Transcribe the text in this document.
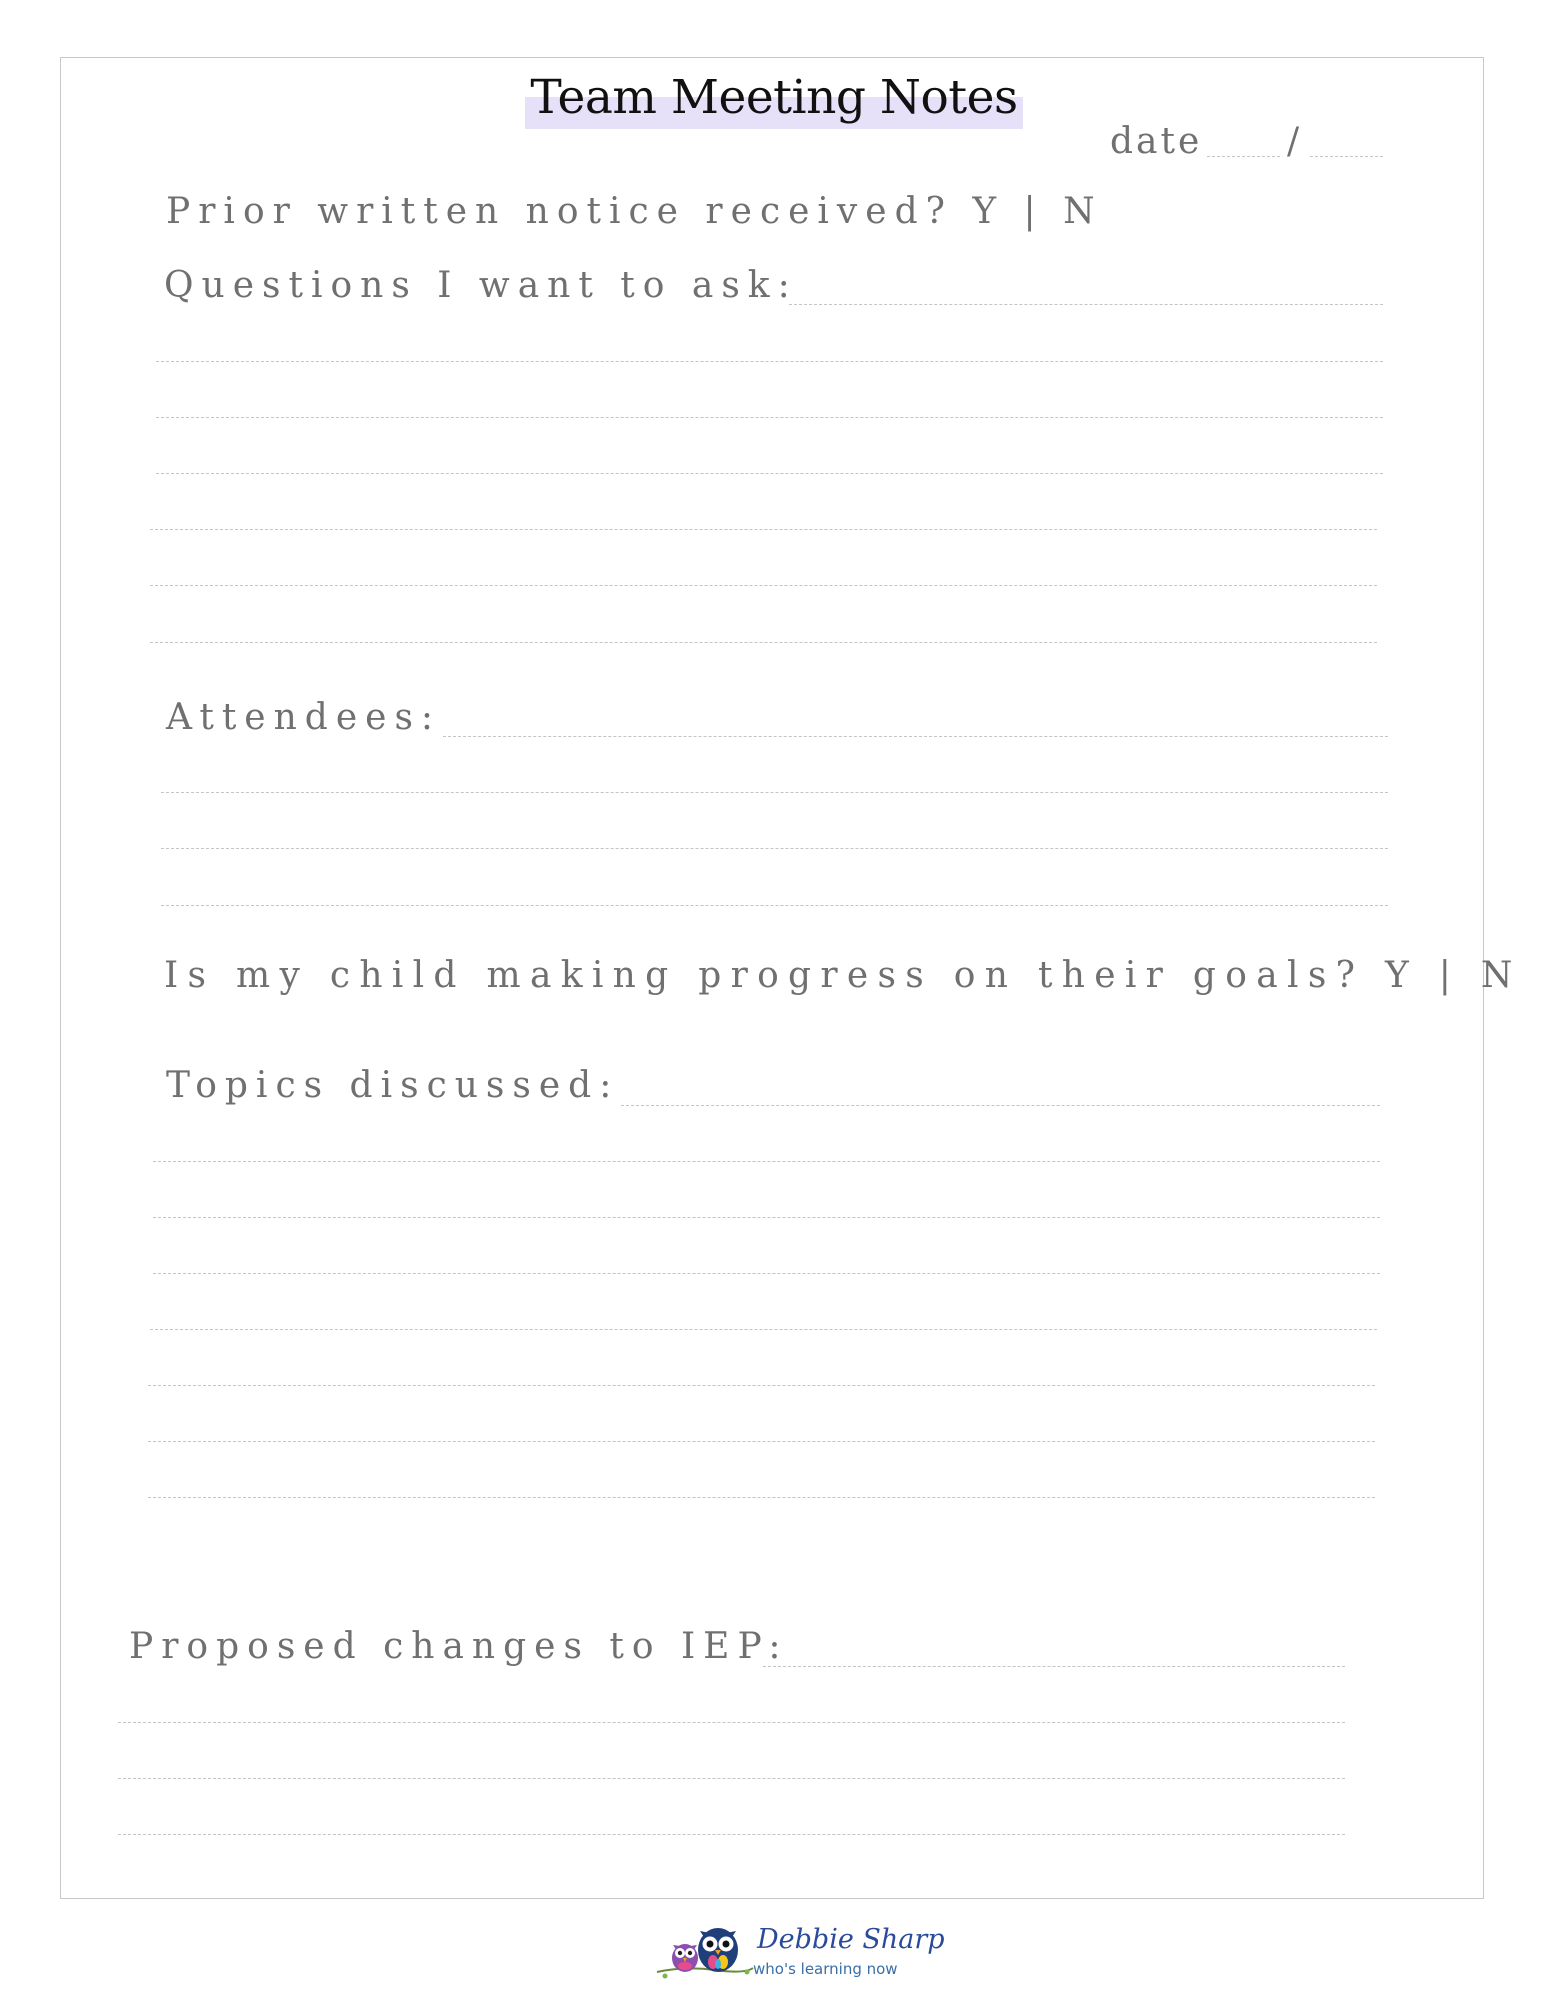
Team Meeting Notes
date /
Prior written notice received? Y | N
Questions I want to ask:
Attendees:
Is my child making progress on their goals? Y | N
Topics discussed:
Proposed changes to IEP:
Debbie Sharp
who's learning now
